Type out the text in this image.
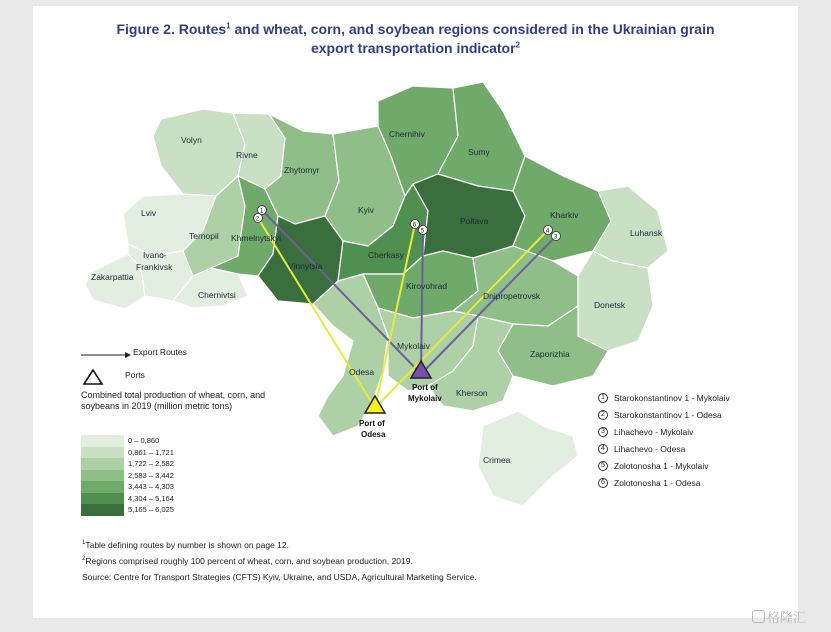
Figure 2. Routes$^1$ and wheat, corn, and soybean regions considered in the Ukrainian grain
export transportation indicator$^2$
Volyn
Rivne
Lviv
Zakarpattia
Ivano-
Frankivsk
Ternopil
Chernivtsi
Khmelnytskyi
Zhytomyr
Vinnytsia
Kyiv
Chernihiv
Sumy
Cherkasy
Poltava
Kharkiv
Luhansk
Kirovohrad
Dnipropetrovsk
Donetsk
Zaporizhia
Odesa
Mykolaiv
Kherson
Crimea
Port of
Mykolaiv
Port of
Odesa
1
2
6
5	4
3
Export Routes
Ports
Combined total production of wheat, corn, and soybeans in 2019 (million metric tons)
0 – 0,860
0,861 – 1,721
1,722 – 2,582
2,583 – 3,442
3,443 – 4,303
4,304 – 5,164
5,165 – 6,025
1	Starokonstantinov 1 - Mykolaiv
2	Starokonstantinov 1 - Odesa
3	Lihachevo - Mykolaiv
4	Lihachevo - Odesa
5	Zolotonosha 1 - Mykolaiv
6	Zolotonosha 1 - Odesa
$^1$Table defining routes by number is shown on page 12.
$^2$Regions comprised roughly 100 percent of wheat, corn, and soybean production, 2019.
Source: Centre for Transport Strategies (CFTS) Kyiv, Ukraine, and USDA, Agricultural Marketing Service.
格隆汇
